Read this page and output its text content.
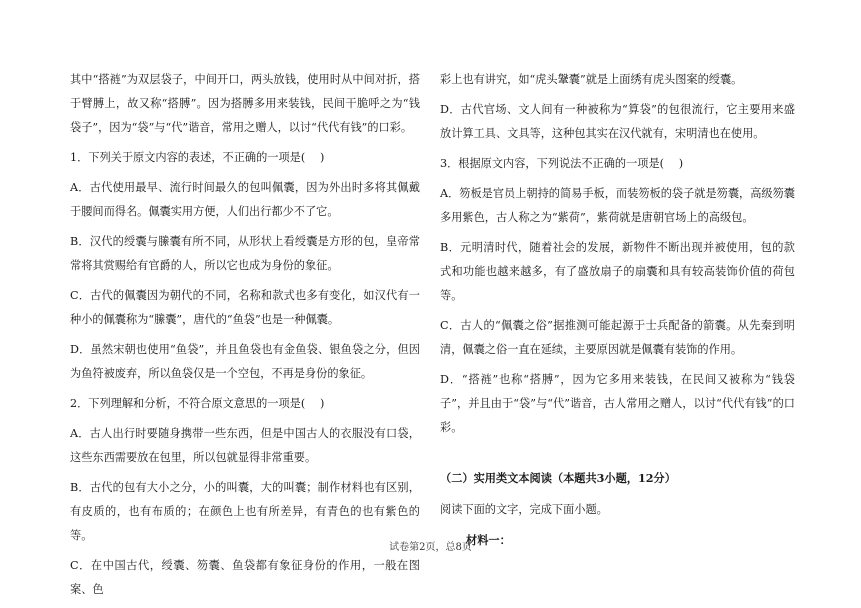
其中“搭裢”为双层袋子，中间开口，两头放钱，使用时从中间对折，搭于臂膊上，故又称“搭膊”。因为搭膊多用来装钱，民间干脆呼之为“钱袋子”，因为“袋”与“代”谐音，常用之赠人，以讨“代代有钱”的口彩。

1．下列关于原文内容的表述，不正确的一项是(　 )

A．古代使用最早、流行时间最久的包叫佩囊，因为外出时多将其佩戴于腰间而得名。佩囊实用方便，人们出行都少不了它。

B．汉代的绶囊与縢囊有所不同，从形状上看绶囊是方形的包，皇帝常常将其赏赐给有官爵的人，所以它也成为身份的象征。

C．古代的佩囊因为朝代的不同，名称和款式也多有变化，如汉代有一种小的佩囊称为“縢囊”，唐代的“鱼袋”也是一种佩囊。

D．虽然宋朝也使用“鱼袋”，并且鱼袋也有金鱼袋、银鱼袋之分，但因为鱼符被废弃，所以鱼袋仅是一个空包，不再是身份的象征。

2．下列理解和分析，不符合原文意思的一项是(　 )

A．古人出行时要随身携带一些东西，但是中国古人的衣服没有口袋，这些东西需要放在包里，所以包就显得非常重要。

B．古代的包有大小之分，小的叫囊，大的叫囊；制作材料也有区别，有皮质的，也有布质的；在颜色上也有所差异，有青色的也有紫色的等。

C．在中国古代，绶囊、笏囊、鱼袋都有象征身份的作用，一般在图案、色

彩上也有讲究，如“虎头鞶囊”就是上面绣有虎头图案的绶囊。

D．古代官场、文人间有一种被称为“算袋”的包很流行，它主要用来盛放计算工具、文具等，这种包其实在汉代就有，宋明清也在使用。

3．根据原文内容，下列说法不正确的一项是(　 )

A．笏板是官员上朝持的简易手板，而装笏板的袋子就是笏囊，高级笏囊多用紫色，古人称之为“紫荷”，紫荷就是唐朝官场上的高级包。

B．元明清时代，随着社会的发展，新物件不断出现并被使用，包的款式和功能也越来越多，有了盛放扇子的扇囊和具有较高装饰价值的荷包等。

C．古人的“佩囊之俗”据推测可能起源于士兵配备的箭囊。从先秦到明清，佩囊之俗一直在延续，主要原因就是佩囊有装饰的作用。

D．“搭裢”也称“搭膊”，因为它多用来装钱，在民间又被称为“钱袋子”，并且由于“袋”与“代”谐音，古人常用之赠人，以讨“代代有钱”的口彩。

（二）实用类文本阅读（本题共3小题，12分）

阅读下面的文字，完成下面小题。

材料一：

试卷第2页，总8页
